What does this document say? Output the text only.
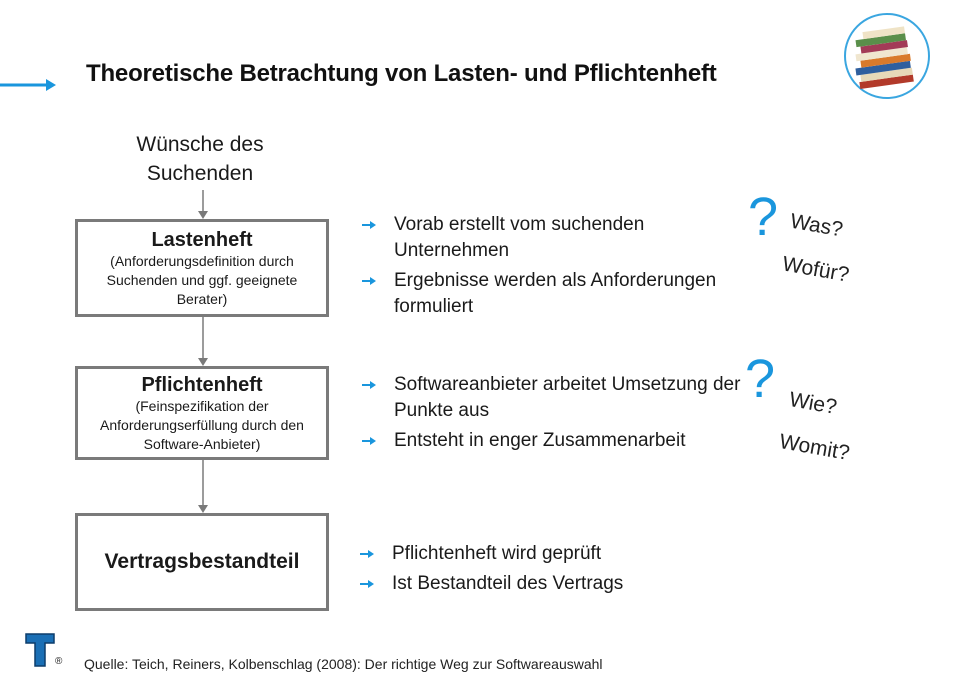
Theoretische Betrachtung von Lasten- und Pflichtenheft
Wünsche des Suchenden
Lastenheft
(Anforderungsdefinition durch Suchenden und ggf. geeignete Berater)
Pflichtenheft
(Feinspezifikation der Anforderungserfüllung durch den Software-Anbieter)
Vertragsbestandteil
Vorab erstellt vom suchenden Unternehmen
Ergebnisse werden als Anforderungen formuliert
Softwareanbieter arbeitet Umsetzung der Punkte aus
Entsteht in enger Zusammenarbeit
Pflichtenheft wird geprüft
Ist Bestandteil des Vertrags
? Was?
Wofür?
? Wie?
Womit?
® Quelle: Teich, Reiners, Kolbenschlag (2008): Der richtige Weg zur Softwareauswahl
